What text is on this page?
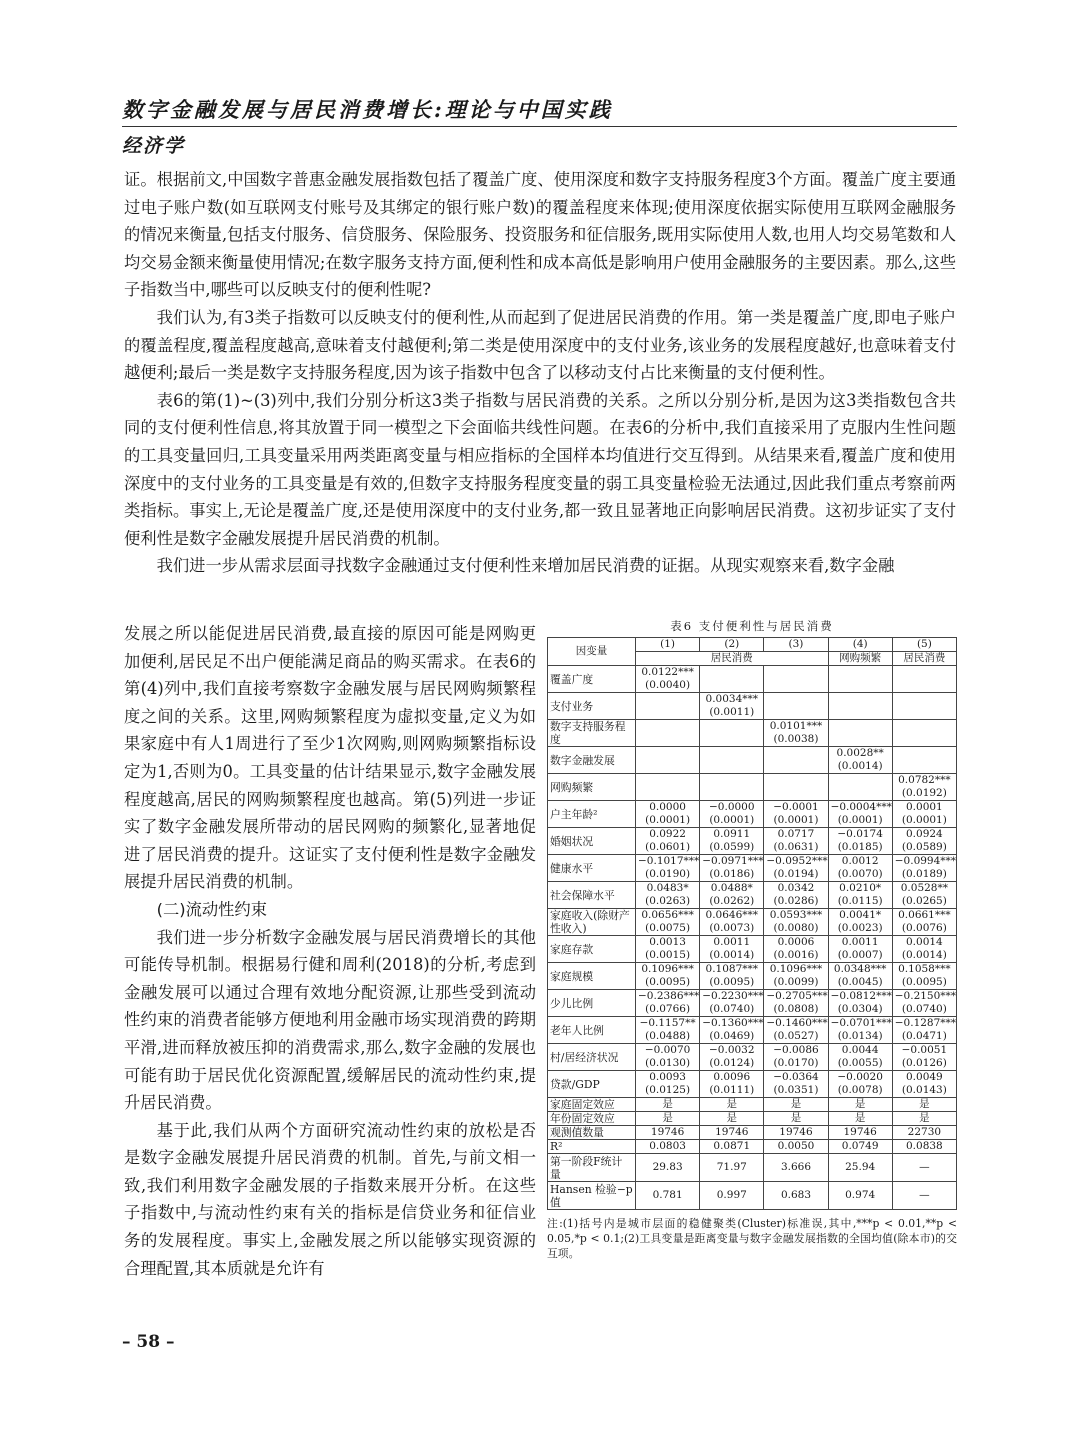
数字金融发展与居民消费增长:理论与中国实践
经济学

证。根据前文,中国数字普惠金融发展指数包括了覆盖广度、使用深度和数字支持服务程度3个方面。覆盖广度主要通过电子账户数(如互联网支付账号及其绑定的银行账户数)的覆盖程度来体现;使用深度依据实际使用互联网金融服务的情况来衡量,包括支付服务、信贷服务、保险服务、投资服务和征信服务,既用实际使用人数,也用人均交易笔数和人均交易金额来衡量使用情况;在数字服务支持方面,便利性和成本高低是影响用户使用金融服务的主要因素。那么,这些子指数当中,哪些可以反映支付的便利性呢?

我们认为,有3类子指数可以反映支付的便利性,从而起到了促进居民消费的作用。第一类是覆盖广度,即电子账户的覆盖程度,覆盖程度越高,意味着支付越便利;第二类是使用深度中的支付业务,该业务的发展程度越好,也意味着支付越便利;最后一类是数字支持服务程度,因为该子指数中包含了以移动支付占比来衡量的支付便利性。

表6的第(1)~(3)列中,我们分别分析这3类子指数与居民消费的关系。之所以分别分析,是因为这3类指数包含共同的支付便利性信息,将其放置于同一模型之下会面临共线性问题。在表6的分析中,我们直接采用了克服内生性问题的工具变量回归,工具变量采用两类距离变量与相应指标的全国样本均值进行交互得到。从结果来看,覆盖广度和使用深度中的支付业务的工具变量是有效的,但数字支持服务程度变量的弱工具变量检验无法通过,因此我们重点考察前两类指标。事实上,无论是覆盖广度,还是使用深度中的支付业务,都一致且显著地正向影响居民消费。这初步证实了支付便利性是数字金融发展提升居民消费的机制。

我们进一步从需求层面寻找数字金融通过支付便利性来增加居民消费的证据。从现实观察来看,数字金融

发展之所以能促进居民消费,最直接的原因可能是网购更加便利,居民足不出户便能满足商品的购买需求。在表6的第(4)列中,我们直接考察数字金融发展与居民网购频繁程度之间的关系。这里,网购频繁程度为虚拟变量,定义为如果家庭中有人1周进行了至少1次网购,则网购频繁指标设定为1,否则为0。工具变量的估计结果显示,数字金融发展程度越高,居民的网购频繁程度也越高。第(5)列进一步证实了数字金融发展所带动的居民网购的频繁化,显著地促进了居民消费的提升。这证实了支付便利性是数字金融发展提升居民消费的机制。

(二)流动性约束

我们进一步分析数字金融发展与居民消费增长的其他可能传导机制。根据易行健和周利(2018)的分析,考虑到金融发展可以通过合理有效地分配资源,让那些受到流动性约束的消费者能够方便地利用金融市场实现消费的跨期平滑,进而释放被压抑的消费需求,那么,数字金融的发展也可能有助于居民优化资源配置,缓解居民的流动性约束,提升居民消费。

基于此,我们从两个方面研究流动性约束的放松是否是数字金融发展提升居民消费的机制。首先,与前文相一致,我们利用数字金融发展的子指数来展开分析。在这些子指数中,与流动性约束有关的指标是信贷业务和征信业务的发展程度。事实上,金融发展之所以能够实现资源的合理配置,其本质就是允许有

表6 支付便利性与居民消费
因变量	(1)	(2)	(3)	(4)	(5)
	居民消费			网购频繁	居民消费
覆盖广度	0.0122***				
	(0.0040)				
支付业务		0.0034***			
		(0.0011)			
数字支持服务程度			0.0101***		
			(0.0038)		
数字金融发展				0.0028**	
				(0.0014)	
网购频繁					0.0782***
					(0.0192)
户主年龄²	0.0000	−0.0000	−0.0001	−0.0004***	0.0001
	(0.0001)	(0.0001)	(0.0001)	(0.0001)	(0.0001)
婚姻状况	0.0922	0.0911	0.0717	−0.0174	0.0924
	(0.0601)	(0.0599)	(0.0631)	(0.0185)	(0.0589)
健康水平	−0.1017***	−0.0971***	−0.0952***	0.0012	−0.0994***
	(0.0190)	(0.0186)	(0.0194)	(0.0070)	(0.0189)
社会保障水平	0.0483*	0.0488*	0.0342	0.0210*	0.0528**
	(0.0263)	(0.0262)	(0.0286)	(0.0115)	(0.0265)
家庭收入(除财产性收入)	0.0656***	0.0646***	0.0593***	0.0041*	0.0661***
	(0.0075)	(0.0073)	(0.0080)	(0.0023)	(0.0076)
家庭存款	0.0013	0.0011	0.0006	0.0011	0.0014
	(0.0015)	(0.0014)	(0.0016)	(0.0007)	(0.0014)
家庭规模	0.1096***	0.1087***	0.1096***	0.0348***	0.1058***
	(0.0095)	(0.0095)	(0.0099)	(0.0045)	(0.0095)
少儿比例	−0.2386***	−0.2230***	−0.2705***	−0.0812***	−0.2150***
	(0.0766)	(0.0740)	(0.0808)	(0.0304)	(0.0740)
老年人比例	−0.1157**	−0.1360***	−0.1460***	−0.0701***	−0.1287***
	(0.0488)	(0.0469)	(0.0527)	(0.0134)	(0.0471)
村/居经济状况	−0.0070	−0.0032	−0.0086	0.0044	−0.0051
	(0.0130)	(0.0124)	(0.0170)	(0.0055)	(0.0126)
贷款/GDP	0.0093	0.0096	−0.0364	−0.0020	0.0049
	(0.0125)	(0.0111)	(0.0351)	(0.0078)	(0.0143)
家庭固定效应	是	是	是	是	是
年份固定效应	是	是	是	是	是
观测值数量	19746	19746	19746	19746	22730
R²	0.0803	0.0871	0.0050	0.0749	0.0838
第一阶段F统计量	29.83	71.97	3.666	25.94	—
Hansen 检验−p值	0.781	0.997	0.683	0.974	—
注:(1)括号内是城市层面的稳健聚类(Cluster)标准误,其中,***p < 0.01,**p < 0.05,*p < 0.1;(2)工具变量是距离变量与数字金融发展指数的全国均值(除本市)的交互项。
– 58 –
